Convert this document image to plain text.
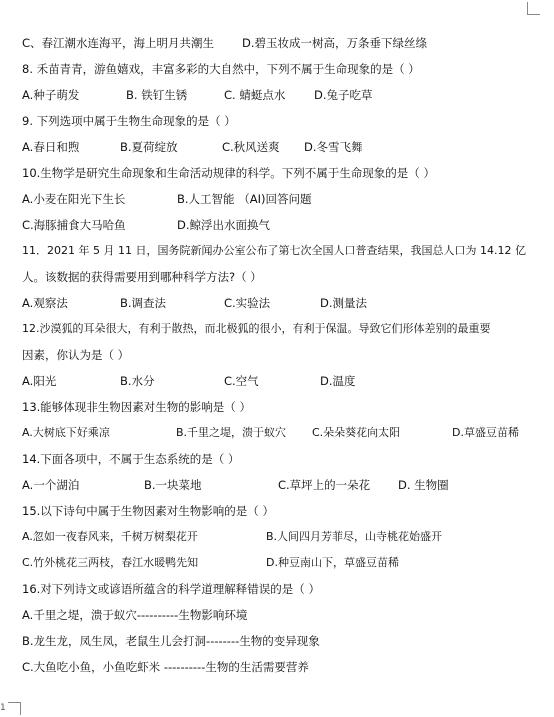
C、春江潮水连海平，海上明月共潮生	D.碧玉妆成一树高，万条垂下绿丝绦
8. 禾苗青青，游鱼嬉戏，丰富多彩的大自然中，下列不属于生命现象的是（ ）
A.种子萌发	B. 铁钉生锈	C. 蜻蜓点水	D.兔子吃草
9. 下列选项中属于生物生命现象的是（ ）
A.春日和煦	B.夏荷绽放	C.秋风送爽	D.冬雪飞舞
10.生物学是研究生命现象和生命活动规律的科学。下列不属于生命现象的是（ ）
A.小麦在阳光下生长	B.人工智能 （AI)回答问题
C.海豚捕食大马哈鱼	D.鲸浮出水面换气
11．2021 年 5 月 11 日，国务院新闻办公室公布了第七次全国人口普查结果，我国总人口为 14.12 亿
人。该数据的获得需要用到哪种科学方法?（ ）
A.观察法	B.调查法	C.实验法	D.测量法
12.沙漠狐的耳朵很大，有利于散热，而北极狐的很小，有利于保温。导致它们形体差别的最重要
因素，你认为是（ ）
A.阳光	B.水分	C.空气	D.温度
13.能够体现非生物因素对生物的影响是（ ）
A.大树底下好乘凉	B.千里之堤，溃于蚁穴	C.朵朵葵花向太阳	D.草盛豆苗稀
14.下面各项中，不属于生态系统的是（ ）
A.一个湖泊	B.一块菜地	C.草坪上的一朵花	D. 生物圈
15.以下诗句中属于生物因素对生物影响的是（ ）
A.忽如一夜春风来，千树万树梨花开	B.人间四月芳菲尽，山寺桃花始盛开
C.竹外桃花三两枝，春江水暖鸭先知	D.种豆南山下，草盛豆苗稀
16.对下列诗文或谚语所蕴含的科学道理解释错误的是（ ）
A.千里之堤，溃于蚁穴----------生物影响环境
B.龙生龙，凤生凤，老鼠生儿会打洞--------生物的变异现象
C.大鱼吃小鱼，小鱼吃虾米 ----------生物的生活需要营养
1
